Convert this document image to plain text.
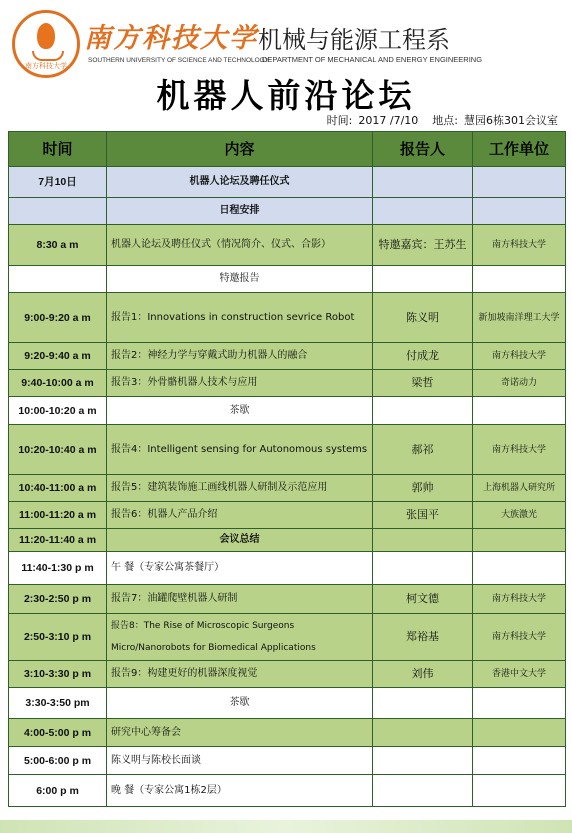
南方科技大学
南方科技大学 机械与能源工程系
SOUTHERN UNIVERSITY OF SCIENCE AND TECHNOLOGY
DEPARTMENT OF MECHANICAL AND ENERGY ENGINEERING
机器人前沿论坛
时间: 2017 /7/10 地点: 慧园6栋301会议室
时间	内容	报告人	工作单位
7月10日	机器人论坛及聘任仪式		
	日程安排		
8:30 a m	机器人论坛及聘任仪式（情况简介、仪式、合影）	特邀嘉宾：王苏生	南方科技大学
	特邀报告		
9:00-9:20 a m	报告1：Innovations in construction sevrice Robot	陈义明	新加坡南洋理工大学
9:20-9:40 a m	报告2：神经力学与穿戴式助力机器人的融合	付成龙	南方科技大学
9:40-10:00 a m	报告3：外骨骼机器人技术与应用	梁哲	奇诺动力
10:00-10:20 a m	茶歇		
10:20-10:40 a m	报告4：Intelligent sensing for Autonomous systems	郝祁	南方科技大学
10:40-11:00 a m	报告5：建筑装饰施工画线机器人研制及示范应用	郭帅	上海机器人研究所
11:00-11:20 a m	报告6：机器人产品介绍	张国平	大族激光
11:20-11:40 a m	会议总结		
11:40-1:30 p m	午 餐（专家公寓茶餐厅）		
2:30-2:50 p m	报告7：油罐爬壁机器人研制	柯文德	南方科技大学
2:50-3:10 p m	报告8：The Rise of Microscopic Surgeons Micro/Nanorobots for Biomedical Applications	郑裕基	南方科技大学
3:10-3:30 p m	报告9：构建更好的机器深度视觉	刘伟	香港中文大学
3:30-3:50 pm	茶歇		
4:00-5:00 p m	研究中心筹备会		
5:00-6:00 p m	陈义明与陈校长面谈		
6:00 p m	晚 餐（专家公寓1栋2层）		
